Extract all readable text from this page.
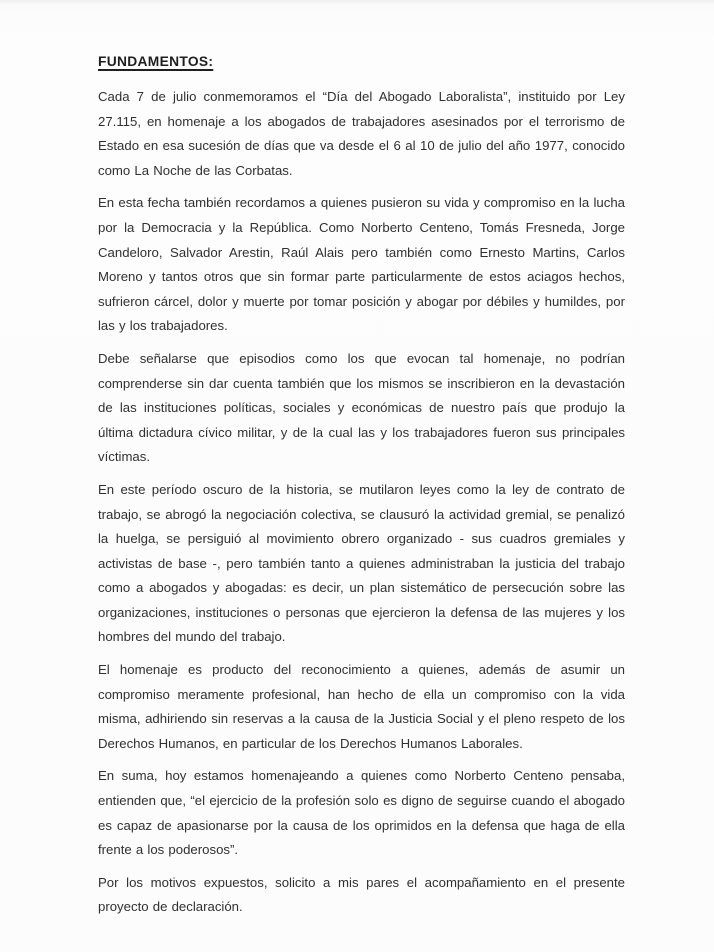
FUNDAMENTOS:

Cada 7 de julio conmemoramos el “Día del Abogado Laboralista”, instituido por Ley 27.115, en homenaje a los abogados de trabajadores asesinados por el terrorismo de Estado en esa sucesión de días que va desde el 6 al 10 de julio del año 1977, conocido como La Noche de las Corbatas.

En esta fecha también recordamos a quienes pusieron su vida y compromiso en la lucha por la Democracia y la República. Como Norberto Centeno, Tomás Fresneda, Jorge Candeloro, Salvador Arestin, Raúl Alais pero también como Ernesto Martins, Carlos Moreno y tantos otros que sin formar parte particularmente de estos aciagos hechos, sufrieron cárcel, dolor y muerte por tomar posición y abogar por débiles y humildes, por las y los trabajadores.

Debe señalarse que episodios como los que evocan tal homenaje, no podrían comprenderse sin dar cuenta también que los mismos se inscribieron en la devastación de las instituciones políticas, sociales y económicas de nuestro país que produjo la última dictadura cívico militar, y de la cual las y los trabajadores fueron sus principales víctimas.

En este período oscuro de la historia, se mutilaron leyes como la ley de contrato de trabajo, se abrogó la negociación colectiva, se clausuró la actividad gremial, se penalizó la huelga, se persiguió al movimiento obrero organizado - sus cuadros gremiales y activistas de base -, pero también tanto a quienes administraban la justicia del trabajo como a abogados y abogadas: es decir, un plan sistemático de persecución sobre las organizaciones, instituciones o personas que ejercieron la defensa de las mujeres y los hombres del mundo del trabajo.

El homenaje es producto del reconocimiento a quienes, además de asumir un compromiso meramente profesional, han hecho de ella un compromiso con la vida misma, adhiriendo sin reservas a la causa de la Justicia Social y el pleno respeto de los Derechos Humanos, en particular de los Derechos Humanos Laborales.

En suma, hoy estamos homenajeando a quienes como Norberto Centeno pensaba, entienden que, “el ejercicio de la profesión solo es digno de seguirse cuando el abogado es capaz de apasionarse por la causa de los oprimidos en la defensa que haga de ella frente a los poderosos”.

Por los motivos expuestos, solicito a mis pares el acompañamiento en el presente proyecto de declaración.
